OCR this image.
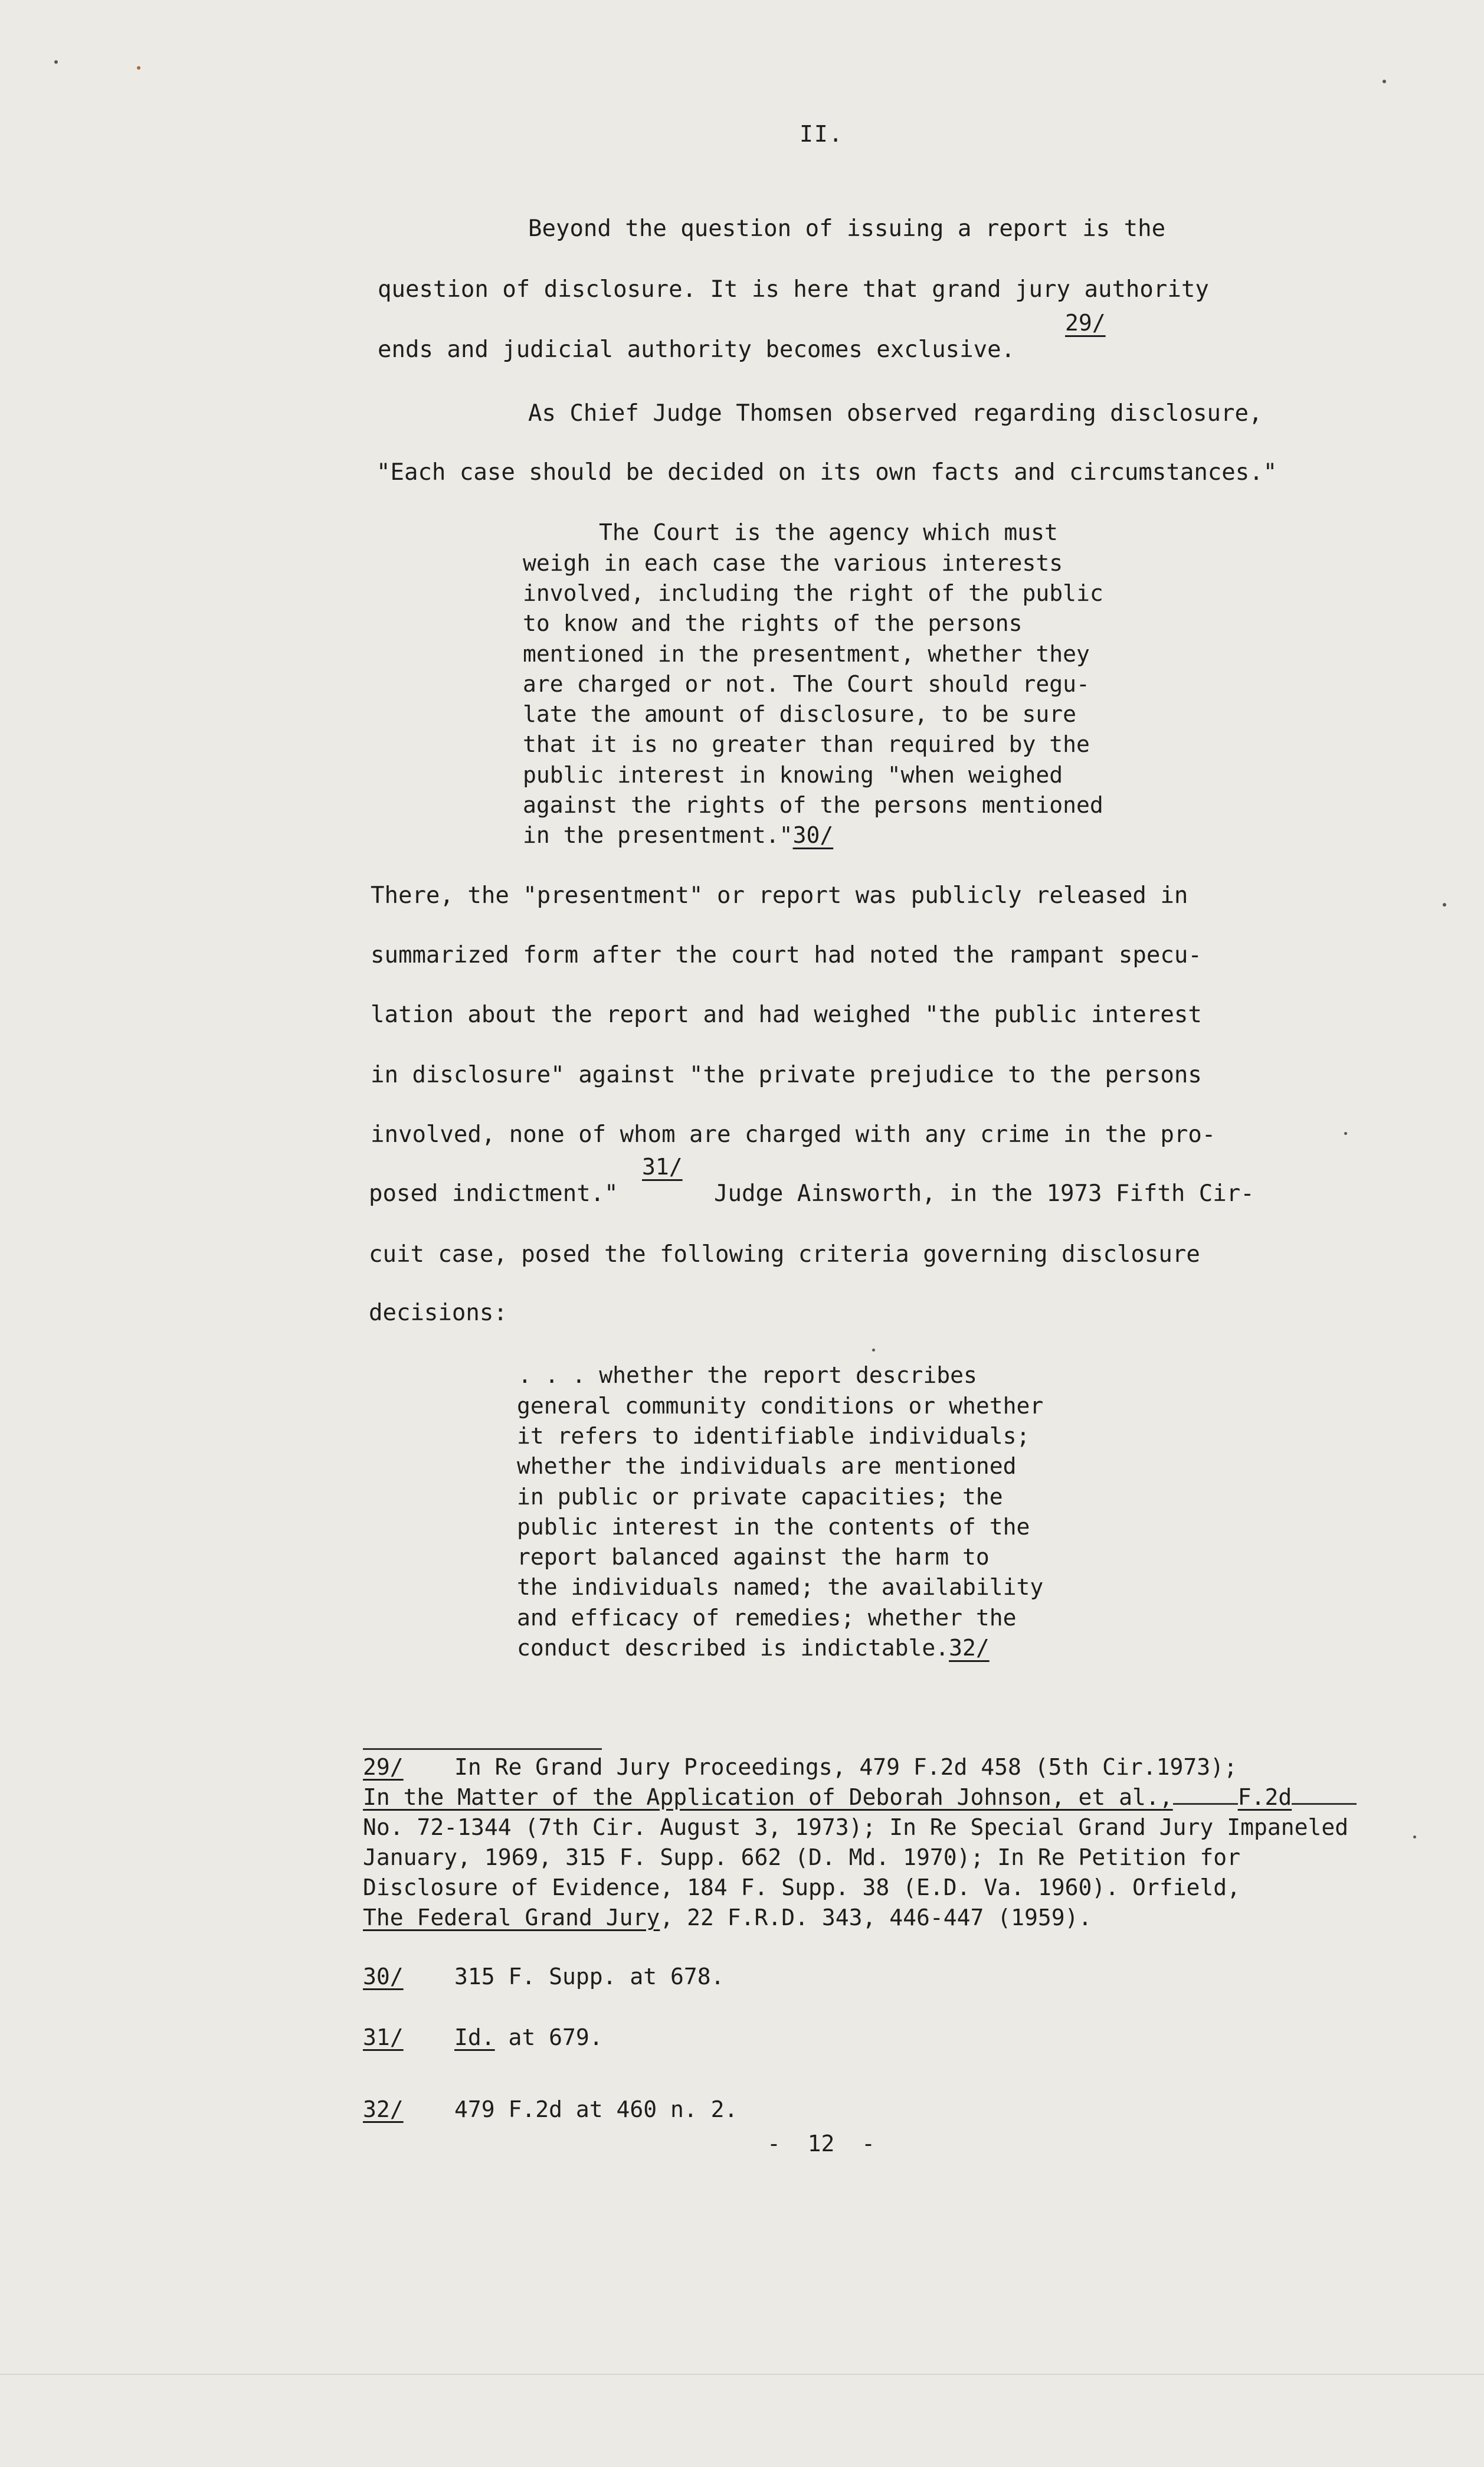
II.
Beyond the question of issuing a report is the
question of disclosure. It is here that grand jury authority
29/
ends and judicial authority becomes exclusive.
As Chief Judge Thomsen observed regarding disclosure,
"Each case should be decided on its own facts and circumstances."
The Court is the agency which must
weigh in each case the various interests
involved, including the right of the public
to know and the rights of the persons
mentioned in the presentment, whether they
are charged or not. The Court should regu-
late the amount of disclosure, to be sure
that it is no greater than required by the
public interest in knowing "when weighed
against the rights of the persons mentioned
in the presentment."30/
There, the "presentment" or report was publicly released in
summarized form after the court had noted the rampant specu-
lation about the report and had weighed "the public interest
in disclosure" against "the private prejudice to the persons
involved, none of whom are charged with any crime in the pro-
31/
posed indictment."	Judge Ainsworth, in the 1973 Fifth Cir-
cuit case, posed the following criteria governing disclosure
decisions:
. . . whether the report describes
general community conditions or whether
it refers to identifiable individuals;
whether the individuals are mentioned
in public or private capacities; the
public interest in the contents of the
report balanced against the harm to
the individuals named; the availability
and efficacy of remedies; whether the
conduct described is indictable.32/
29/ In Re Grand Jury Proceedings, 479 F.2d 458 (5th Cir.1973);
In the Matter of the Application of Deborah Johnson, et al.,	F.2d
No. 72-1344 (7th Cir. August 3, 1973); In Re Special Grand Jury Impaneled
January, 1969, 315 F. Supp. 662 (D. Md. 1970); In Re Petition for
Disclosure of Evidence, 184 F. Supp. 38 (E.D. Va. 1960). Orfield,
The Federal Grand Jury, 22 F.R.D. 343, 446-447 (1959).
30/ 315 F. Supp. at 678.
31/ Id. at 679.
32/ 479 F.2d at 460 n. 2.
-  12  -
